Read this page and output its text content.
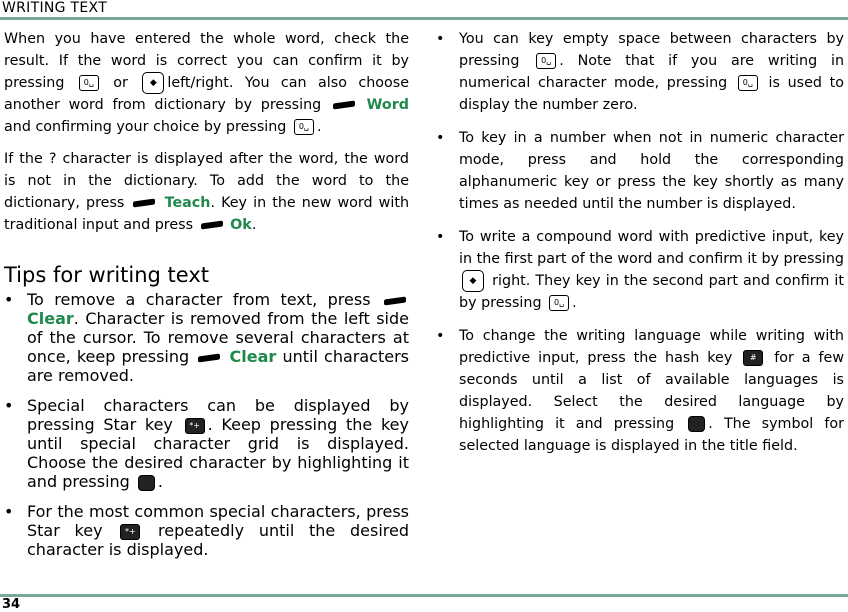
WRITING TEXT

When you have entered the whole word, check the result. If the word is correct you can confirm it by pressing 0␣ or ◆ left/right. You can also choose another word from dictionary by pressing	Word and confirming your choice by pressing 0␣ .

If the ? character is displayed after the word, the word is not in the dictionary. To add the word to the dictionary, press	Teach. Key in the new word with traditional input and press	Ok.

Tips for writing text
• To remove a character from text, press  Clear. Character is removed from the left side of the cursor. To remove several characters at once, keep pressing	Clear until characters are removed.
• Special characters can be displayed by pressing Star key *+ . Keep pressing the key until special character grid is displayed. Choose the desired character by highlighting it and pressing .
• For the most common special characters, press Star key	*+ repeatedly until the desired character is displayed.
• You can key empty space between characters by pressing	0␣ . Note that if you are writing in numerical character mode, pressing 0␣ is used to display the number zero.
• To key in a number when not in numeric character mode, press and hold the corresponding alphanumeric key or press the key shortly as many times as needed until the number is displayed.
• To write a compound word with predictive input, key in the first part of the word and confirm it by pressing ◆ right. They key in the second part and confirm it by pressing 0␣ .
• To change the writing language while writing with predictive input, press the hash key # for a few seconds until a list of available languages is displayed. Select the desired language by highlighting it and pressing . The symbol for selected language is displayed in the title field.
34
